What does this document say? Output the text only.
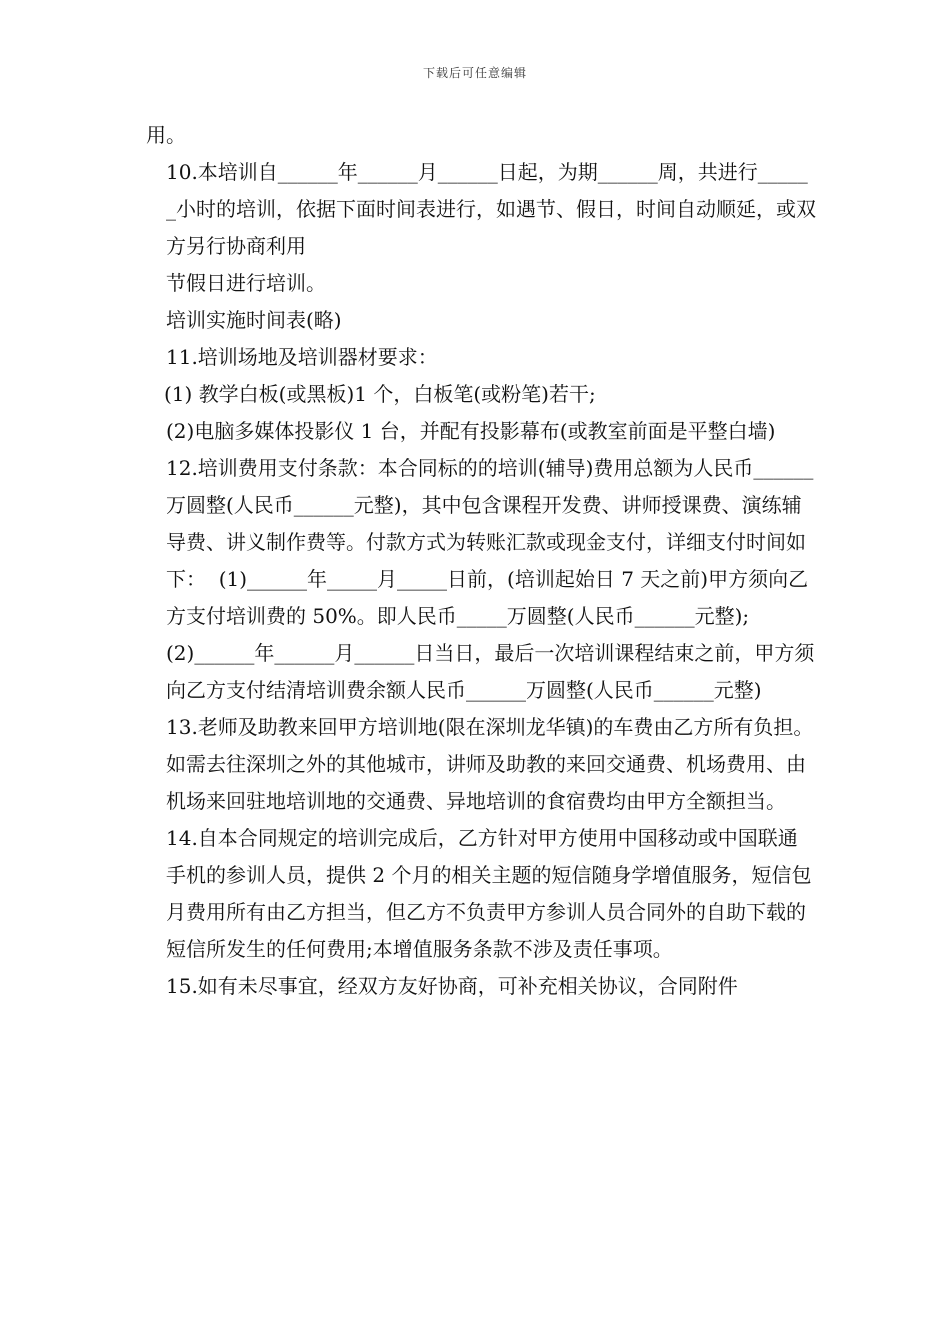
下载后可任意编辑

用。

10.本培训自______年______月______日起，为期______周，共进行______小时的培训，依据下面时间表进行，如遇节、假日，时间自动顺延，或双方另行协商利用

节假日进行培训。

培训实施时间表(略)

11.培训场地及培训器材要求：

(1) 教学白板(或黑板)1 个，白板笔(或粉笔)若干;

(2)电脑多媒体投影仪 1 台，并配有投影幕布(或教室前面是平整白墙)

12.培训费用支付条款：本合同标的的培训(辅导)费用总额为人民币______万圆整(人民币______元整)，其中包含课程开发费、讲师授课费、演练辅导费、讲义制作费等。付款方式为转账汇款或现金支付，详细支付时间如下：  (1)______年_____月_____日前，(培训起始日 7 天之前)甲方须向乙方支付培训费的 50%。即人民币_____万圆整(人民币______元整);

(2)______年______月______日当日，最后一次培训课程结束之前，甲方须向乙方支付结清培训费余额人民币______万圆整(人民币______元整)

13.老师及助教来回甲方培训地(限在深圳龙华镇)的车费由乙方所有负担。如需去往深圳之外的其他城市，讲师及助教的来回交通费、机场费用、由机场来回驻地培训地的交通费、异地培训的食宿费均由甲方全额担当。

14.自本合同规定的培训完成后，乙方针对甲方使用中国移动或中国联通手机的参训人员，提供 2 个月的相关主题的短信随身学增值服务，短信包月费用所有由乙方担当，但乙方不负责甲方参训人员合同外的自助下载的短信所发生的任何费用;本增值服务条款不涉及责任事项。

15.如有未尽事宜，经双方友好协商，可补充相关协议，合同附件
